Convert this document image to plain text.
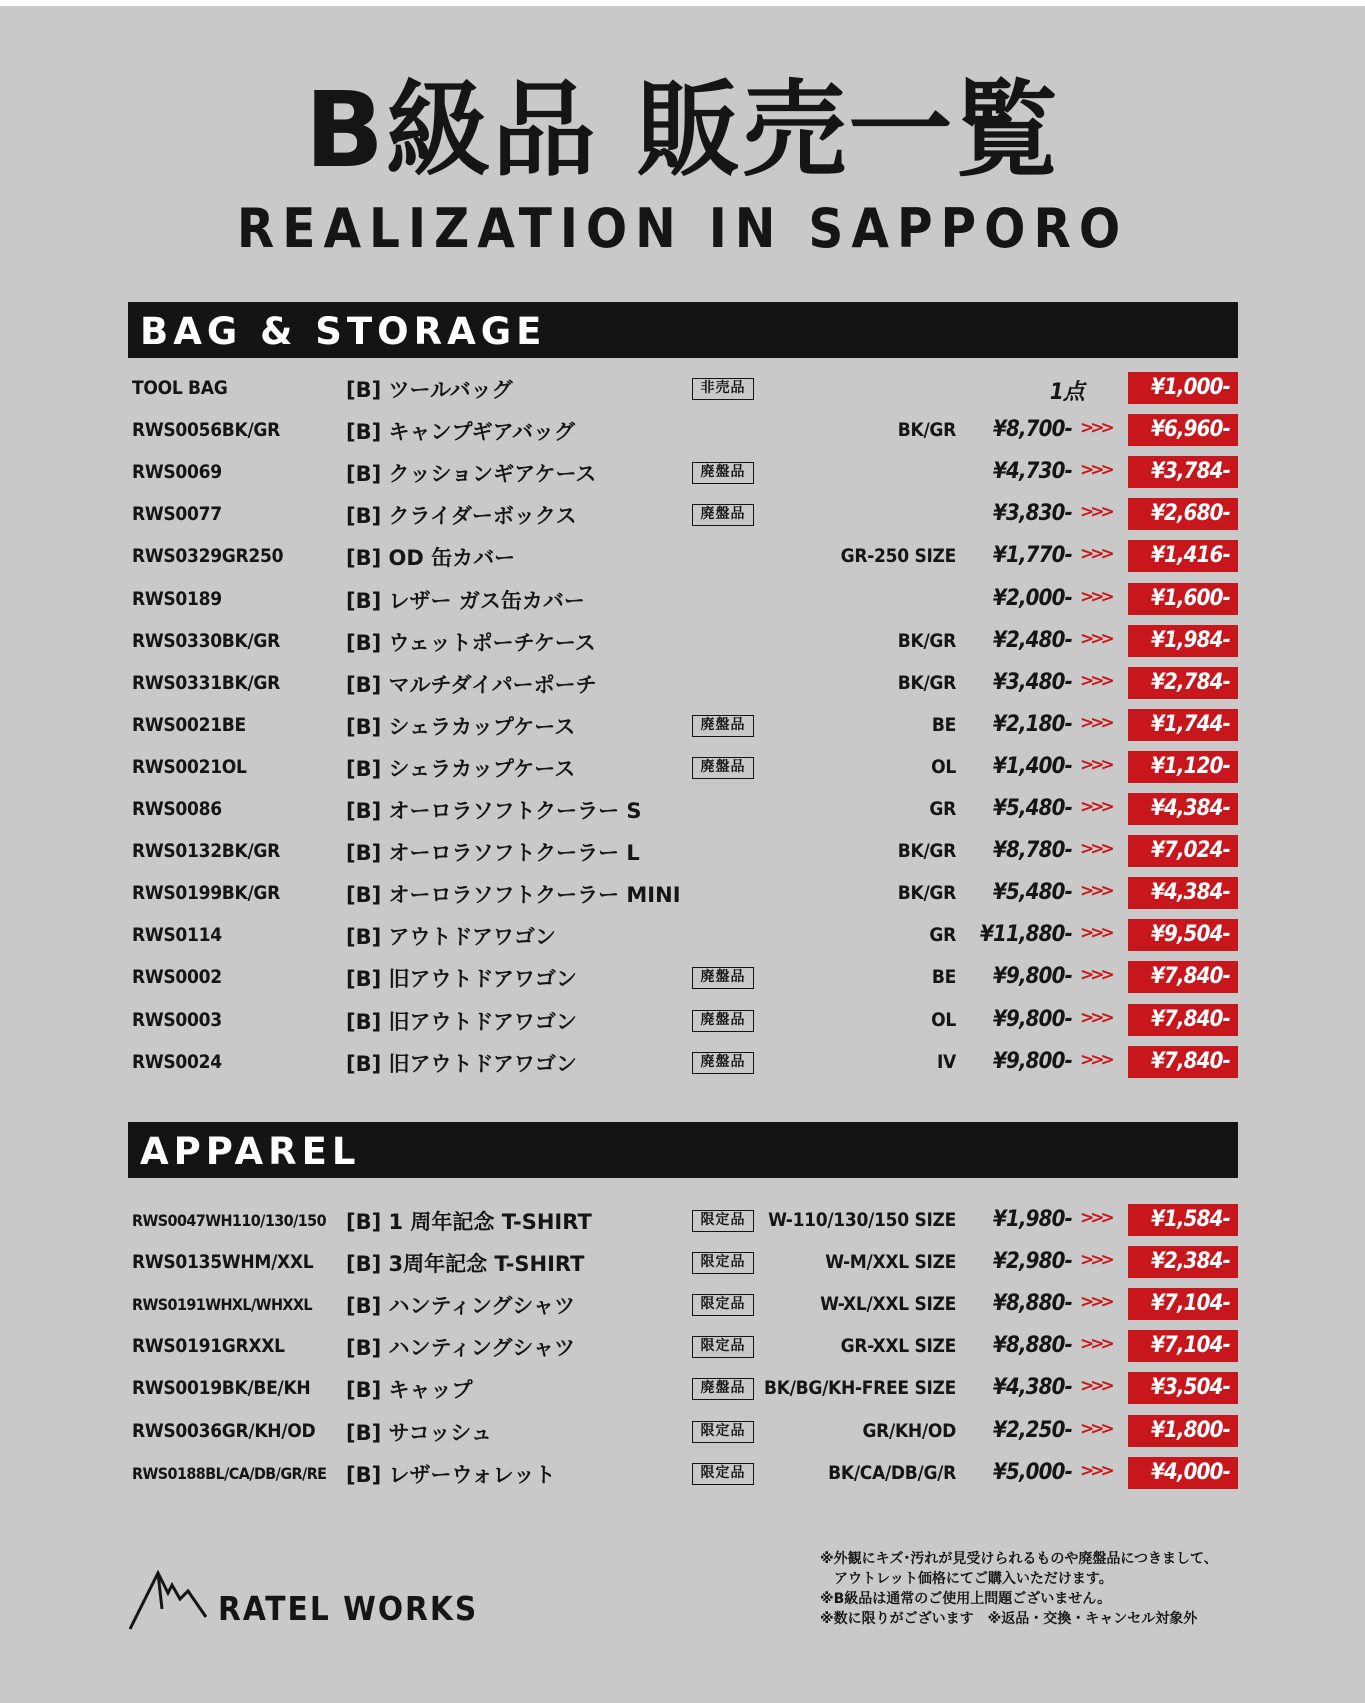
B級品 販売一覧
REALIZATION IN SAPPORO
BAG & STORAGE
TOOL BAG	[B] ツールバッグ	非売品	1点	¥1,000-
RWS0056BK/GR	[B] キャンプギアバッグ	BK/GR ¥8,700- >>>	¥6,960-
RWS0069	[B] クッションギアケース	廃盤品	¥4,730- >>>	¥3,784-
RWS0077	[B] クライダーボックス	廃盤品	¥3,830- >>>	¥2,680-
RWS0329GR250	[B] OD 缶カバー	GR-250 SIZE ¥1,770- >>>	¥1,416-
RWS0189	[B] レザー ガス缶カバー	¥2,000- >>>	¥1,600-
RWS0330BK/GR	[B] ウェットポーチケース	BK/GR ¥2,480- >>>	¥1,984-
RWS0331BK/GR	[B] マルチダイパーポーチ	BK/GR ¥3,480- >>>	¥2,784-
RWS0021BE	[B] シェラカップケース	廃盤品	BE ¥2,180- >>>	¥1,744-
RWS0021OL	[B] シェラカップケース	廃盤品	OL ¥1,400- >>>	¥1,120-
RWS0086	[B] オーロラソフトクーラー S	GR ¥5,480- >>>	¥4,384-
RWS0132BK/GR	[B] オーロラソフトクーラー L	BK/GR ¥8,780- >>>	¥7,024-
RWS0199BK/GR	[B] オーロラソフトクーラー MINI	BK/GR ¥5,480- >>>	¥4,384-
RWS0114	[B] アウトドアワゴン	GR ¥11,880- >>>	¥9,504-
RWS0002	[B] 旧アウトドアワゴン	廃盤品	BE ¥9,800- >>>	¥7,840-
RWS0003	[B] 旧アウトドアワゴン	廃盤品	OL ¥9,800- >>>	¥7,840-
RWS0024	[B] 旧アウトドアワゴン	廃盤品	IV ¥9,800- >>>	¥7,840-
APPAREL
RWS0047WH110/130/150 [B] 1 周年記念 T-SHIRT	限定品	W-110/130/150 SIZE ¥1,980- >>>	¥1,584-
RWS0135WHM/XXL [B] 3周年記念 T-SHIRT	限定品	W-M/XXL SIZE ¥2,980- >>>	¥2,384-
RWS0191WHXL/WHXXL [B] ハンティングシャツ	限定品	W-XL/XXL SIZE ¥8,880- >>>	¥7,104-
RWS0191GRXXL	[B] ハンティングシャツ	限定品	GR-XXL SIZE ¥8,880- >>>	¥7,104-
RWS0019BK/BE/KH [B] キャップ	廃盤品 BK/BG/KH-FREE SIZE ¥4,380- >>>	¥3,504-
RWS0036GR/KH/OD [B] サコッシュ	限定品	GR/KH/OD ¥2,250- >>>	¥1,800-
RWS0188BL/CA/DB/GR/RE [B] レザーウォレット	限定品	BK/CA/DB/G/R ¥5,000- >>>	¥4,000-
RATEL WORKS
※外観にキズ･汚れが見受けられるものや廃盤品につきまして、
　アウトレット価格にてご購入いただけます。
※B級品は通常のご使用上問題ございません。
※数に限りがございます　※返品・交換・キャンセル対象外
